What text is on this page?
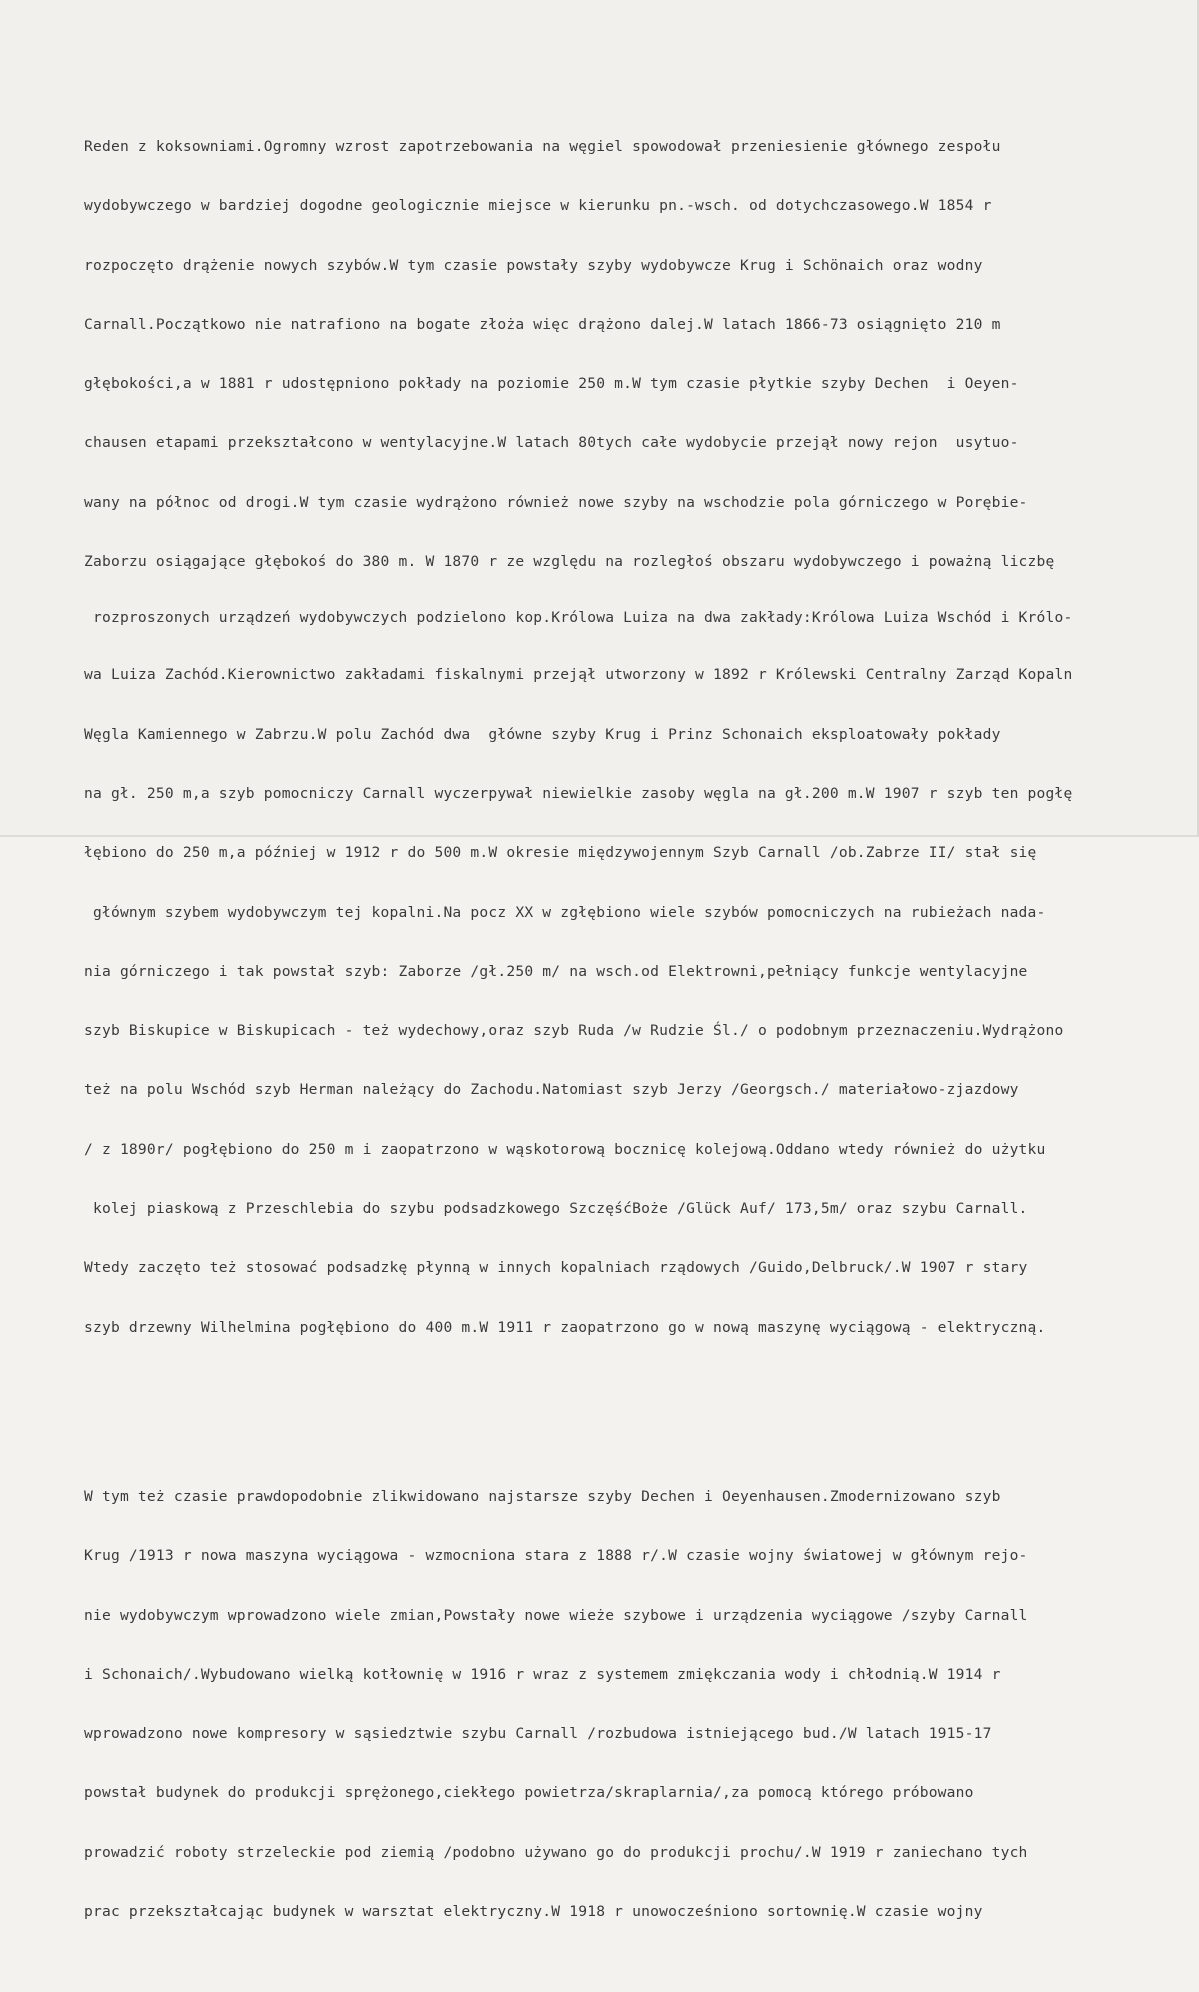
Reden z koksowniami.Ogromny wzrost zapotrzebowania na węgiel spowodował przeniesienie głównego zespołu

wydobywczego w bardziej dogodne geologicznie miejsce w kierunku pn.-wsch. od dotychczasowego.W 1854 r

rozpoczęto drążenie nowych szybów.W tym czasie powstały szyby wydobywcze Krug i Schönaich oraz wodny

Carnall.Początkowo nie natrafiono na bogate złoża więc drążono dalej.W latach 1866-73 osiągnięto 210 m

głębokości,a w 1881 r udostępniono pokłady na poziomie 250 m.W tym czasie płytkie szyby Dechen  i Oeyen-

chausen etapami przekształcono w wentylacyjne.W latach 80tych całe wydobycie przejął nowy rejon  usytuo-

wany na północ od drogi.W tym czasie wydrążono również nowe szyby na wschodzie pola górniczego w Porębie-

Zaborzu osiągające głębokoś do 380 m. W 1870 r ze względu na rozległoś obszaru wydobywczego i poważną liczbę

rozproszonych urządzeń wydobywczych podzielono kop.Królowa Luiza na dwa zakłady:Królowa Luiza Wschód i Królo-

wa Luiza Zachód.Kierownictwo zakładami fiskalnymi przejął utworzony w 1892 r Królewski Centralny Zarząd Kopaln

Węgla Kamiennego w Zabrzu.W polu Zachód dwa  główne szyby Krug i Prinz Schonaich eksploatowały pokłady

na gł. 250 m,a szyb pomocniczy Carnall wyczerpywał niewielkie zasoby węgla na gł.200 m.W 1907 r szyb ten pogłę

łębiono do 250 m,a później w 1912 r do 500 m.W okresie międzywojennym Szyb Carnall /ob.Zabrze II/ stał się

głównym szybem wydobywczym tej kopalni.Na pocz XX w zgłębiono wiele szybów pomocniczych na rubieżach nada-

nia górniczego i tak powstał szyb: Zaborze /gł.250 m/ na wsch.od Elektrowni,pełniący funkcje wentylacyjne

szyb Biskupice w Biskupicach - też wydechowy,oraz szyb Ruda /w Rudzie Śl./ o podobnym przeznaczeniu.Wydrążono

też na polu Wschód szyb Herman należący do Zachodu.Natomiast szyb Jerzy /Georgsch./ materiałowo-zjazdowy

/ z 1890r/ pogłębiono do 250 m i zaopatrzono w wąskotorową bocznicę kolejową.Oddano wtedy również do użytku

kolej piaskową z Przeschlebia do szybu podsadzkowego SzczęśćBoże /Glück Auf/ 173,5m/ oraz szybu Carnall.

Wtedy zaczęto też stosować podsadzkę płynną w innych kopalniach rządowych /Guido,Delbruck/.W 1907 r stary

szyb drzewny Wilhelmina pogłębiono do 400 m.W 1911 r zaopatrzono go w nową maszynę wyciągową - elektryczną.

W tym też czasie prawdopodobnie zlikwidowano najstarsze szyby Dechen i Oeyenhausen.Zmodernizowano szyb

Krug /1913 r nowa maszyna wyciągowa - wzmocniona stara z 1888 r/.W czasie wojny światowej w głównym rejo-

nie wydobywczym wprowadzono wiele zmian,Powstały nowe wieże szybowe i urządzenia wyciągowe /szyby Carnall

i Schonaich/.Wybudowano wielką kotłownię w 1916 r wraz z systemem zmiękczania wody i chłodnią.W 1914 r

wprowadzono nowe kompresory w sąsiedztwie szybu Carnall /rozbudowa istniejącego bud./W latach 1915-17

powstał budynek do produkcji sprężonego,ciekłego powietrza/skraplarnia/,za pomocą którego próbowano

prowadzić roboty strzeleckie pod ziemią /podobno używano go do produkcji prochu/.W 1919 r zaniechano tych

prac przekształcając budynek w warsztat elektryczny.W 1918 r unowocześniono sortownię.W czasie wojny
